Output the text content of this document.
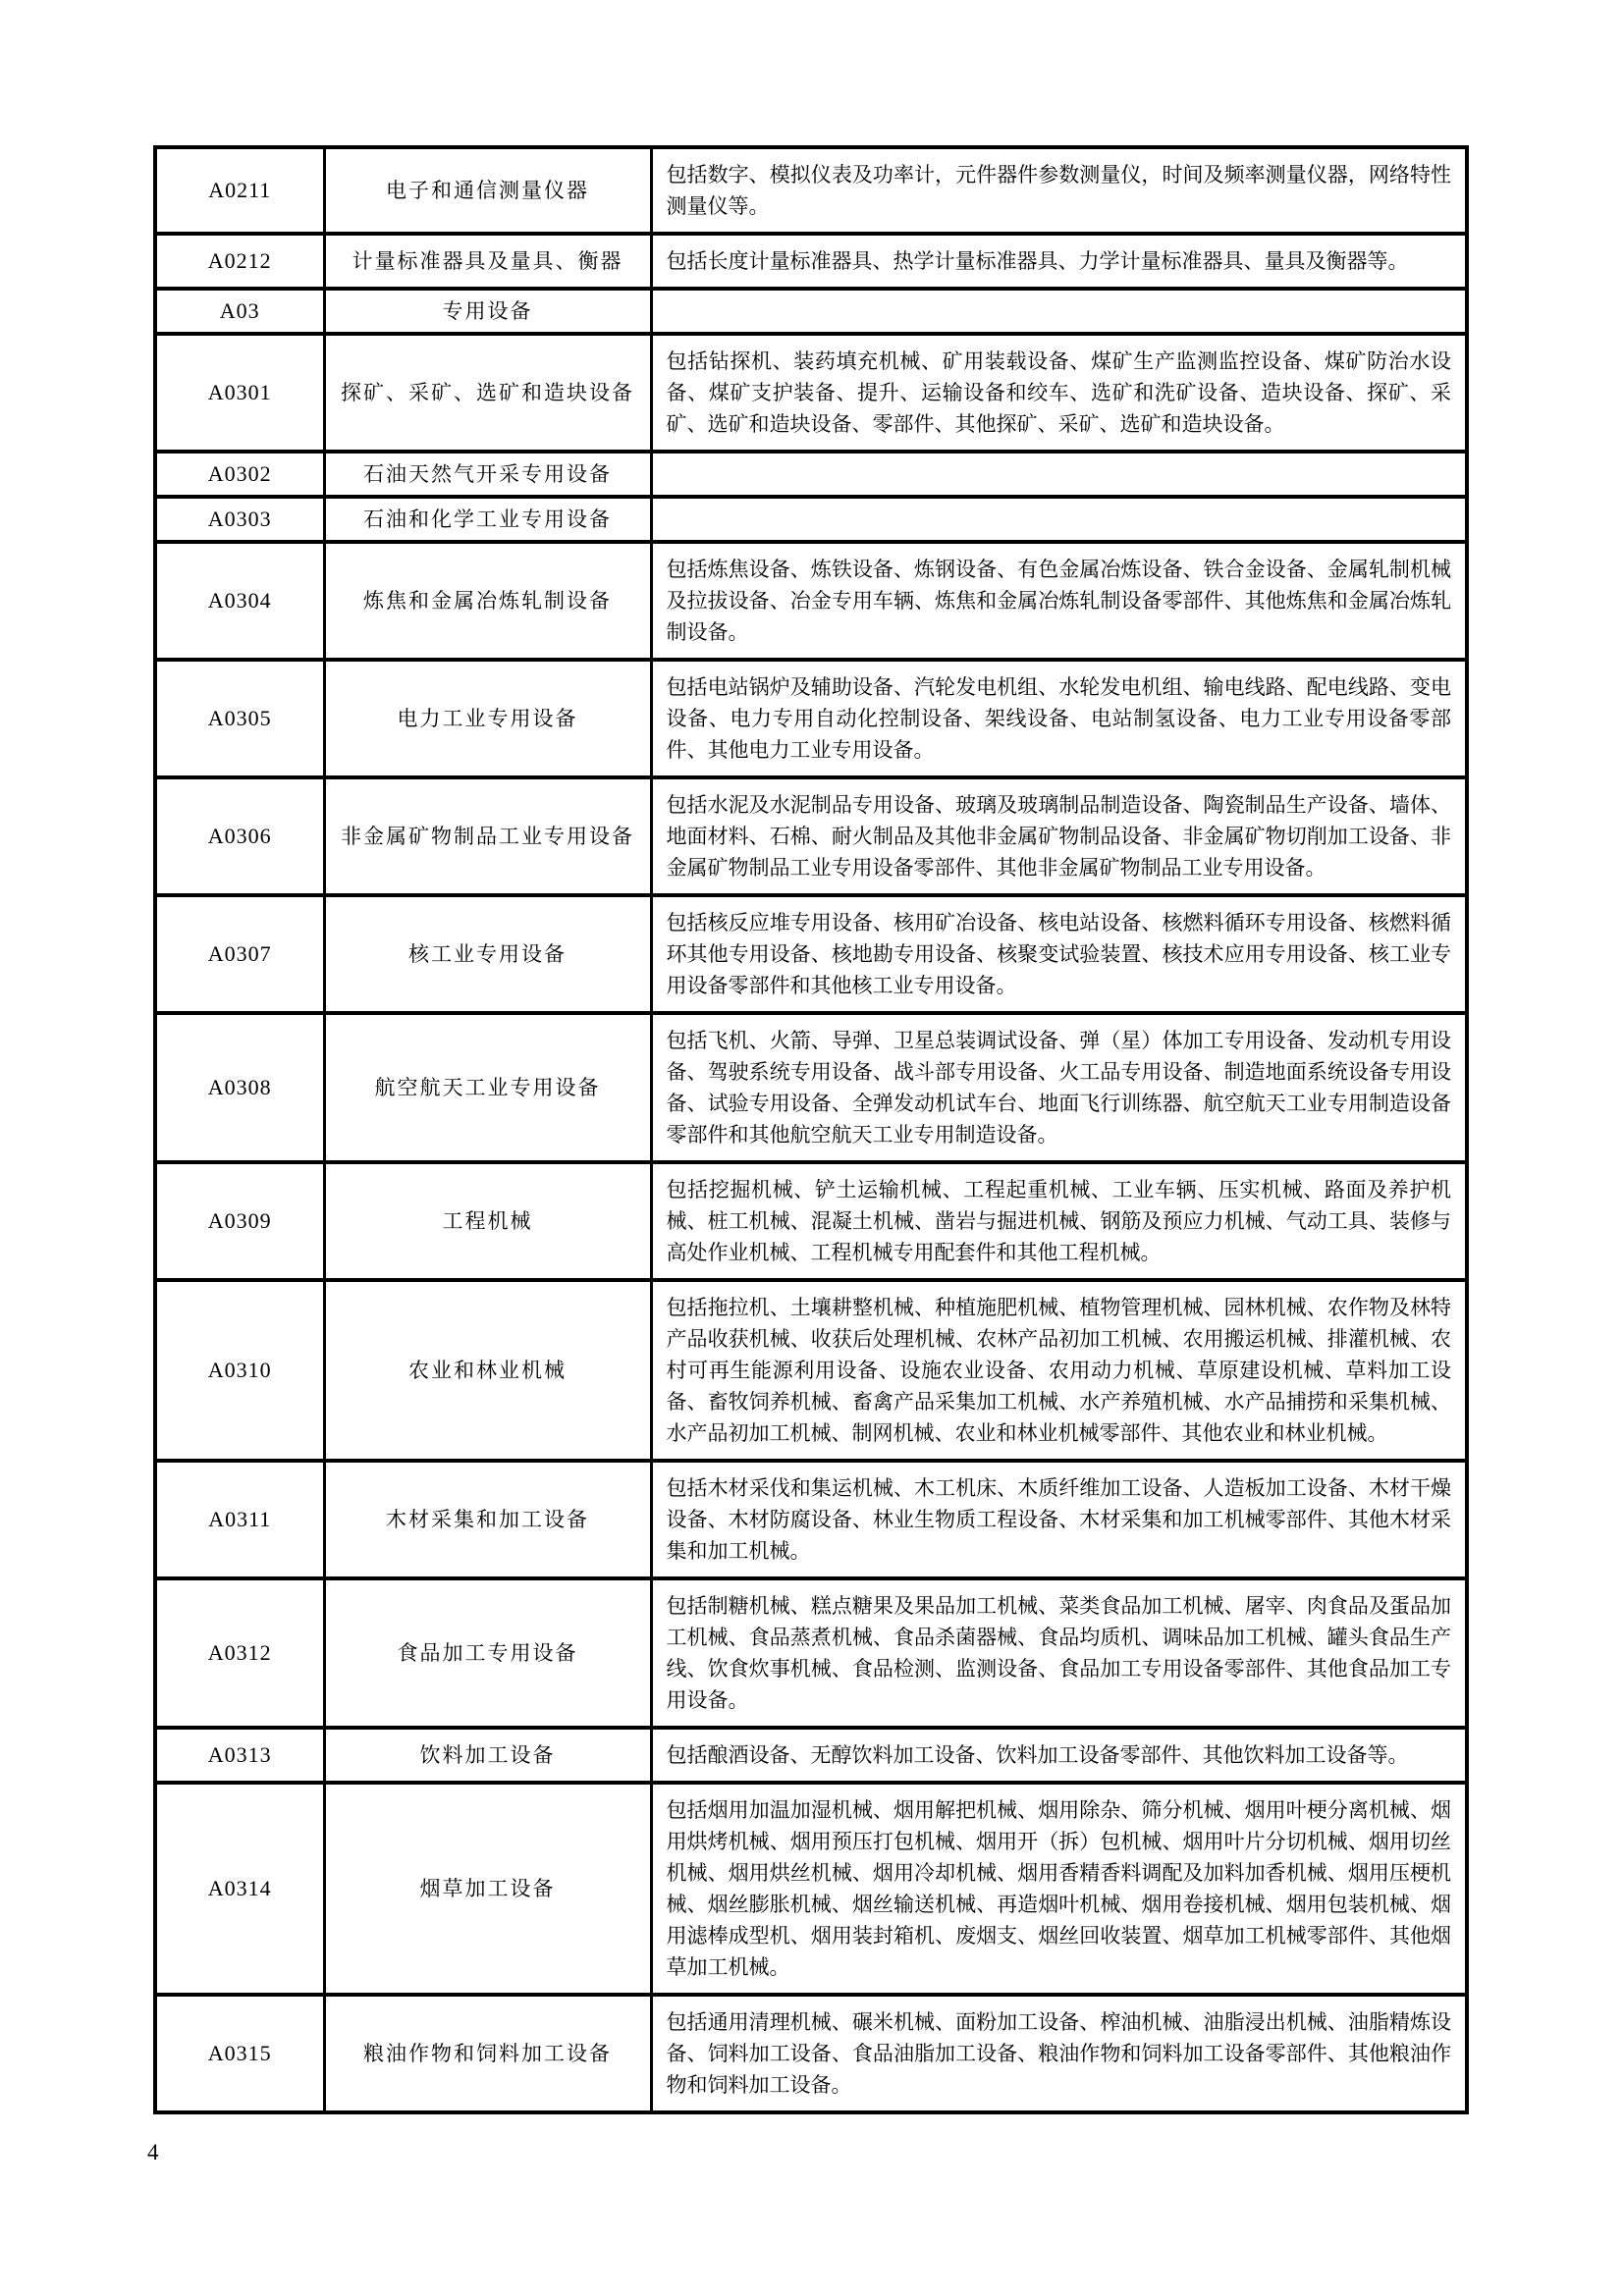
A0211	电子和通信测量仪器	包括数字、模拟仪表及功率计，元件器件参数测量仪，时间及频率测量仪器，网络特性测量仪等。
A0212	计量标准器具及量具、衡器	包括长度计量标准器具、热学计量标准器具、力学计量标准器具、量具及衡器等。
A03	专用设备	
A0301	探矿、采矿、选矿和造块设备	包括钻探机、装药填充机械、矿用装载设备、煤矿生产监测监控设备、煤矿防治水设备、煤矿支护装备、提升、运输设备和绞车、选矿和洗矿设备、造块设备、探矿、采矿、选矿和造块设备、零部件、其他探矿、采矿、选矿和造块设备。
A0302	石油天然气开采专用设备	
A0303	石油和化学工业专用设备	
A0304	炼焦和金属冶炼轧制设备	包括炼焦设备、炼铁设备、炼钢设备、有色金属冶炼设备、铁合金设备、金属轧制机械及拉拔设备、冶金专用车辆、炼焦和金属冶炼轧制设备零部件、其他炼焦和金属冶炼轧制设备。
A0305	电力工业专用设备	包括电站锅炉及辅助设备、汽轮发电机组、水轮发电机组、输电线路、配电线路、变电设备、电力专用自动化控制设备、架线设备、电站制氢设备、电力工业专用设备零部件、其他电力工业专用设备。
A0306	非金属矿物制品工业专用设备	包括水泥及水泥制品专用设备、玻璃及玻璃制品制造设备、陶瓷制品生产设备、墙体、地面材料、石棉、耐火制品及其他非金属矿物制品设备、非金属矿物切削加工设备、非金属矿物制品工业专用设备零部件、其他非金属矿物制品工业专用设备。
A0307	核工业专用设备	包括核反应堆专用设备、核用矿冶设备、核电站设备、核燃料循环专用设备、核燃料循环其他专用设备、核地勘专用设备、核聚变试验装置、核技术应用专用设备、核工业专用设备零部件和其他核工业专用设备。
A0308	航空航天工业专用设备	包括飞机、火箭、导弹、卫星总装调试设备、弹（星）体加工专用设备、发动机专用设备、驾驶系统专用设备、战斗部专用设备、火工品专用设备、制造地面系统设备专用设备、试验专用设备、全弹发动机试车台、地面飞行训练器、航空航天工业专用制造设备零部件和其他航空航天工业专用制造设备。
A0309	工程机械	包括挖掘机械、铲土运输机械、工程起重机械、工业车辆、压实机械、路面及养护机械、桩工机械、混凝土机械、凿岩与掘进机械、钢筋及预应力机械、气动工具、装修与高处作业机械、工程机械专用配套件和其他工程机械。
A0310	农业和林业机械	包括拖拉机、土壤耕整机械、种植施肥机械、植物管理机械、园林机械、农作物及林特产品收获机械、收获后处理机械、农林产品初加工机械、农用搬运机械、排灌机械、农村可再生能源利用设备、设施农业设备、农用动力机械、草原建设机械、草料加工设备、畜牧饲养机械、畜禽产品采集加工机械、水产养殖机械、水产品捕捞和采集机械、水产品初加工机械、制网机械、农业和林业机械零部件、其他农业和林业机械。
A0311	木材采集和加工设备	包括木材采伐和集运机械、木工机床、木质纤维加工设备、人造板加工设备、木材干燥设备、木材防腐设备、林业生物质工程设备、木材采集和加工机械零部件、其他木材采集和加工机械。
A0312	食品加工专用设备	包括制糖机械、糕点糖果及果品加工机械、菜类食品加工机械、屠宰、肉食品及蛋品加工机械、食品蒸煮机械、食品杀菌器械、食品均质机、调味品加工机械、罐头食品生产线、饮食炊事机械、食品检测、监测设备、食品加工专用设备零部件、其他食品加工专用设备。
A0313	饮料加工设备	包括酿酒设备、无醇饮料加工设备、饮料加工设备零部件、其他饮料加工设备等。
A0314	烟草加工设备	包括烟用加温加湿机械、烟用解把机械、烟用除杂、筛分机械、烟用叶梗分离机械、烟用烘烤机械、烟用预压打包机械、烟用开（拆）包机械、烟用叶片分切机械、烟用切丝机械、烟用烘丝机械、烟用冷却机械、烟用香精香料调配及加料加香机械、烟用压梗机械、烟丝膨胀机械、烟丝输送机械、再造烟叶机械、烟用卷接机械、烟用包装机械、烟用滤棒成型机、烟用装封箱机、废烟支、烟丝回收装置、烟草加工机械零部件、其他烟草加工机械。
A0315	粮油作物和饲料加工设备	包括通用清理机械、碾米机械、面粉加工设备、榨油机械、油脂浸出机械、油脂精炼设备、饲料加工设备、食品油脂加工设备、粮油作物和饲料加工设备零部件、其他粮油作物和饲料加工设备。
4
